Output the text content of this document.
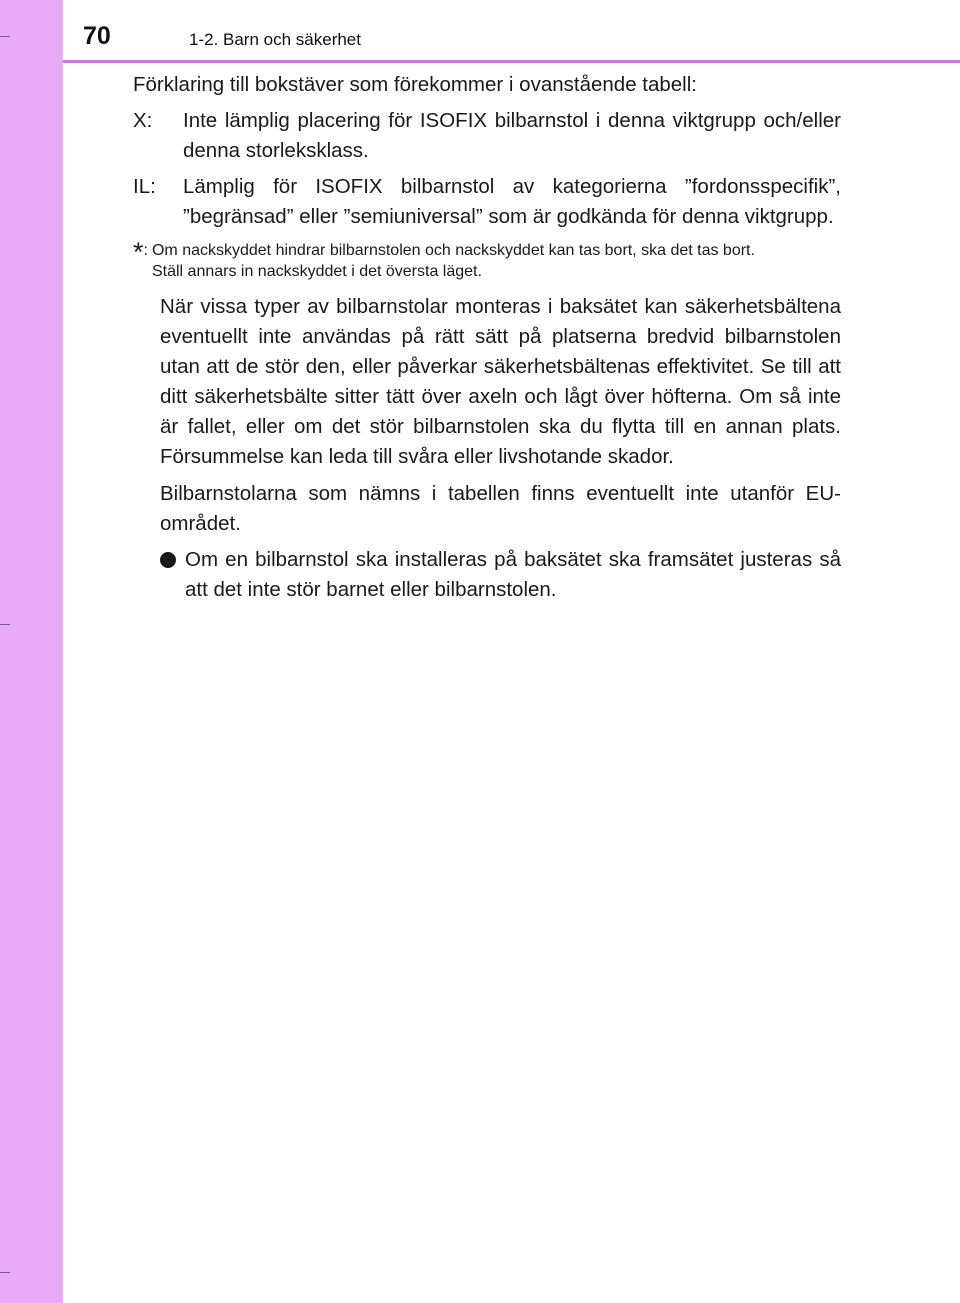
70	1-2. Barn och säkerhet

Förklaring till bokstäver som förekommer i ovanstående tabell:

X:	Inte lämplig placering för ISOFIX bilbarnstol i denna viktgrupp och/eller denna storleksklass.
IL:	Lämplig för ISOFIX bilbarnstol av kategorierna ”fordonsspecifik”, ”begränsad” eller ”semiuniversal” som är godkända för denna viktgrupp.
* : Om nackskyddet hindrar bilbarnstolen och nackskyddet kan tas bort, ska det tas bort.
Ställ annars in nackskyddet i det översta läget.
När vissa typer av bilbarnstolar monteras i baksätet kan säkerhetsbältena eventuellt inte användas på rätt sätt på platserna bredvid bilbarnstolen utan att de stör den, eller påverkar säkerhetsbältenas effektivitet. Se till att ditt säkerhetsbälte sitter tätt över axeln och lågt över höfterna. Om så inte är fallet, eller om det stör bilbarnstolen ska du flytta till en annan plats. Försummelse kan leda till svåra eller livshotande skador.
Bilbarnstolarna som nämns i tabellen finns eventuellt inte utanför EU-området.
Om en bilbarnstol ska installeras på baksätet ska framsätet justeras så att det inte stör barnet eller bilbarnstolen.
